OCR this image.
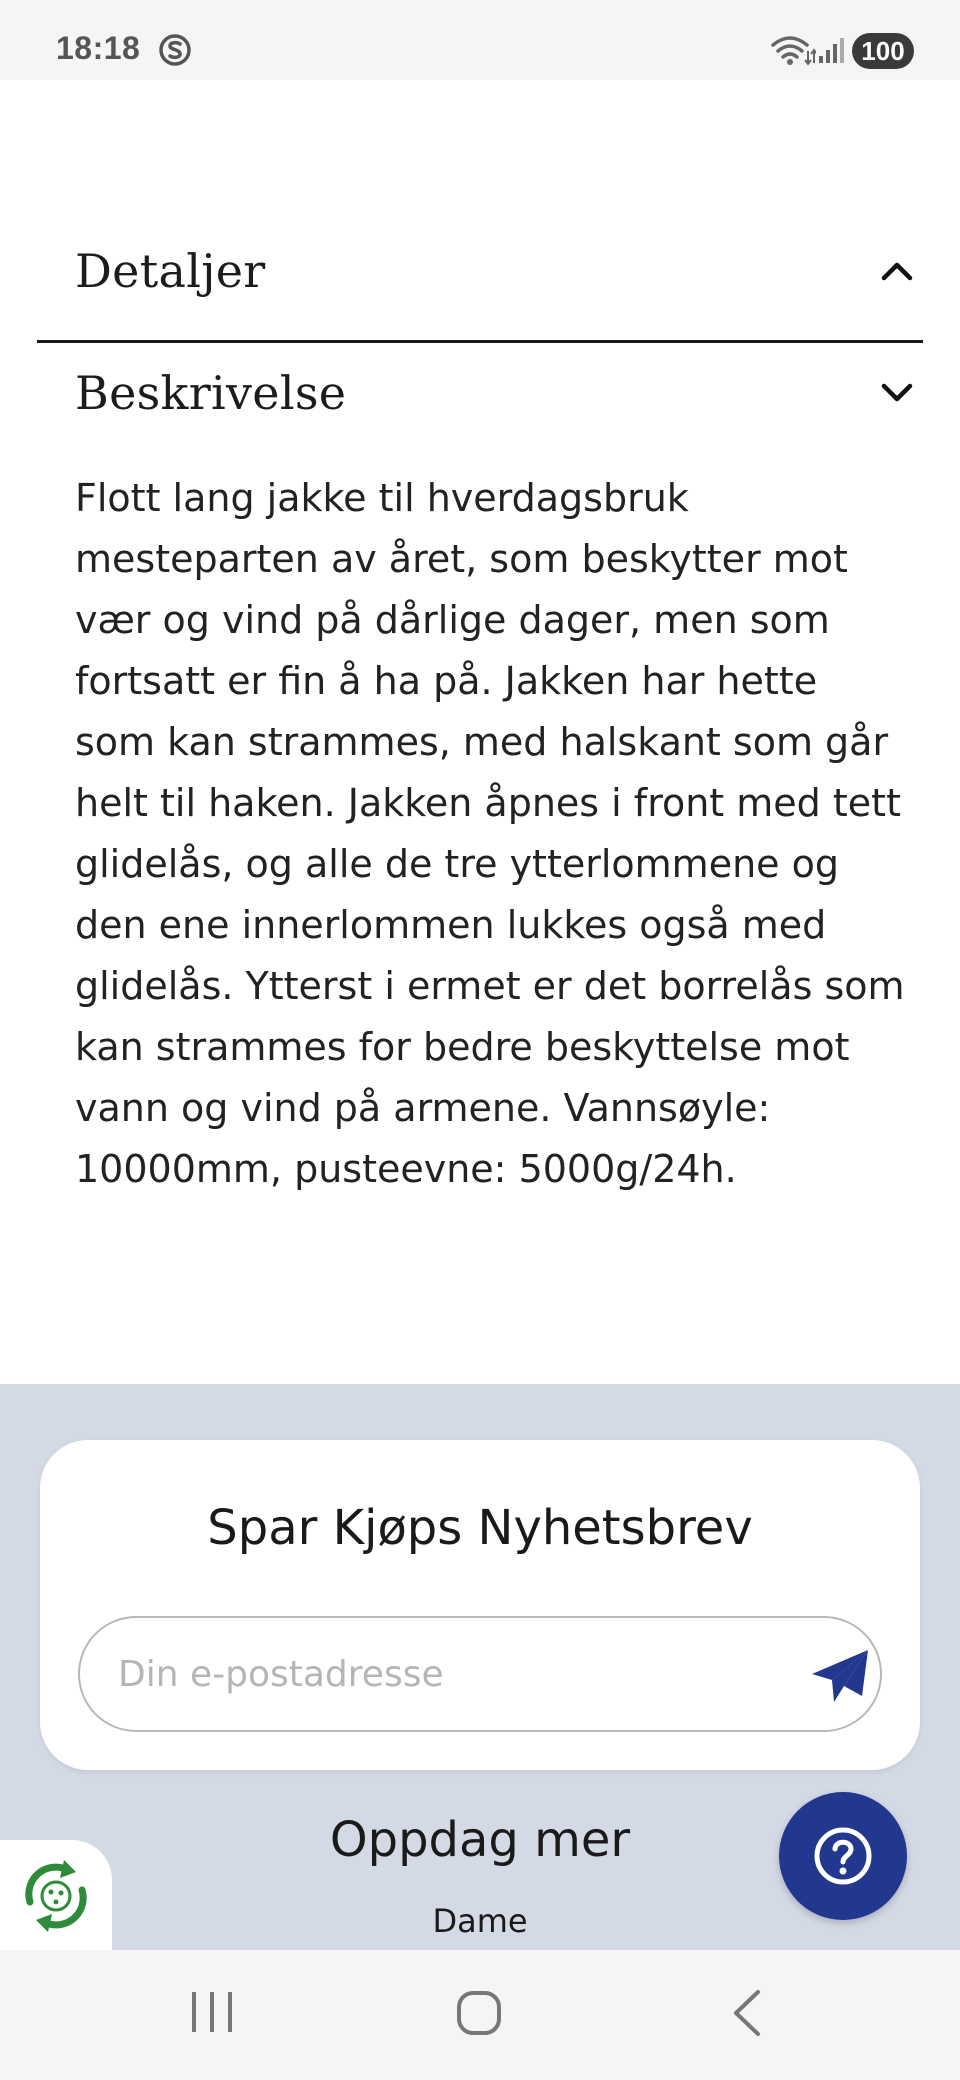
18:18	100
Detaljer
Beskrivelse

Flott lang jakke til hverdagsbruk mesteparten av året, som beskytter mot vær og vind på dårlige dager, men som fortsatt er fin å ha på. Jakken har hette som kan strammes, med halskant som går helt til haken. Jakken åpnes i front med tett glidelås, og alle de tre ytterlommene og den ene innerlommen lukkes også med glidelås. Ytterst i ermet er det borrelås som kan strammes for bedre beskyttelse mot vann og vind på armene. Vannsøyle: 10000mm, pusteevne: 5000g/24h.

Spar Kjøps Nyhetsbrev
Din e-postadresse
Oppdag mer
Dame
